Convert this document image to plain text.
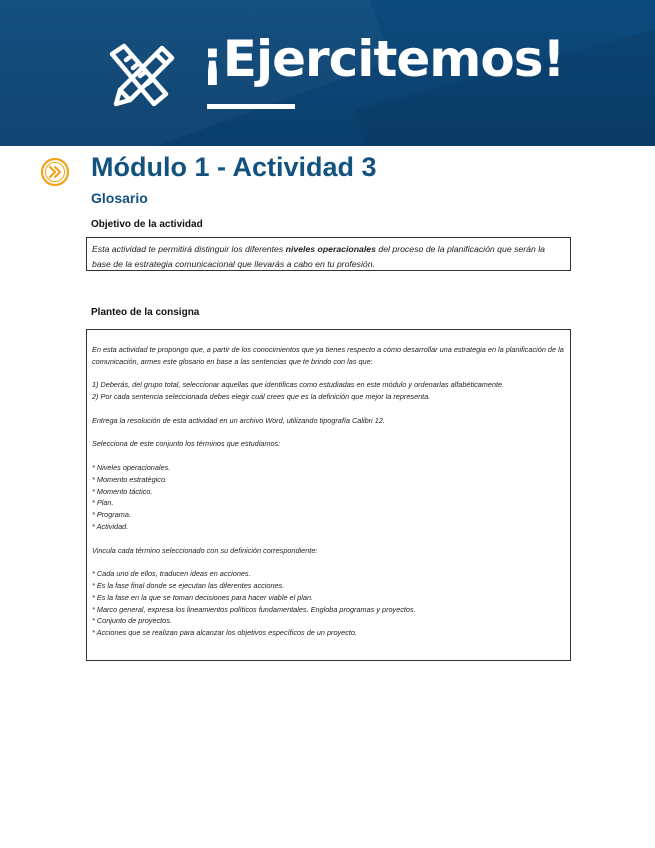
¡Ejercitemos!
Módulo 1 - Actividad 3
Glosario
Objetivo de la actividad
Esta actividad te permitirá distinguir los diferentes niveles operacionales del proceso de la planificación que serán la base de la estrategia comunicacional que llevarás a cabo en tu profesión.
Planteo de la consigna

En esta actividad te propongo que, a partir de los conocimientos que ya tienes respecto a cómo desarrollar una estrategia en la planificación de la comunicación, armes este glosario en base a las sentencias que te brindo con las que:

1) Deberás, del grupo total, seleccionar aquellas que identificas como estudiadas en este módulo y ordenarlas alfabéticamente.

2) Por cada sentencia seleccionada debes elegir cuál crees que es la definición que mejor la representa.

Entrega la resolución de esta actividad en un archivo Word, utilizando tipografía Calibri 12.

Selecciona de este conjunto los términos que estudiamos:

* Niveles operacionales.

* Momento estratégico.

* Momento táctico.

* Plan.

* Programa.

* Actividad.

Vincula cada término seleccionado con su definición correspondiente:

* Cada uno de ellos, traducen ideas en acciones.

* Es la fase final donde se ejecutan las diferentes acciones.

* Es la fase en la que se toman decisiones para hacer viable el plan.

* Marco general, expresa los lineamientos políticos fundamentales. Engloba programas y proyectos.

* Conjunto de proyectos.

* Acciones que se realizan para alcanzar los objetivos específicos de un proyecto.
